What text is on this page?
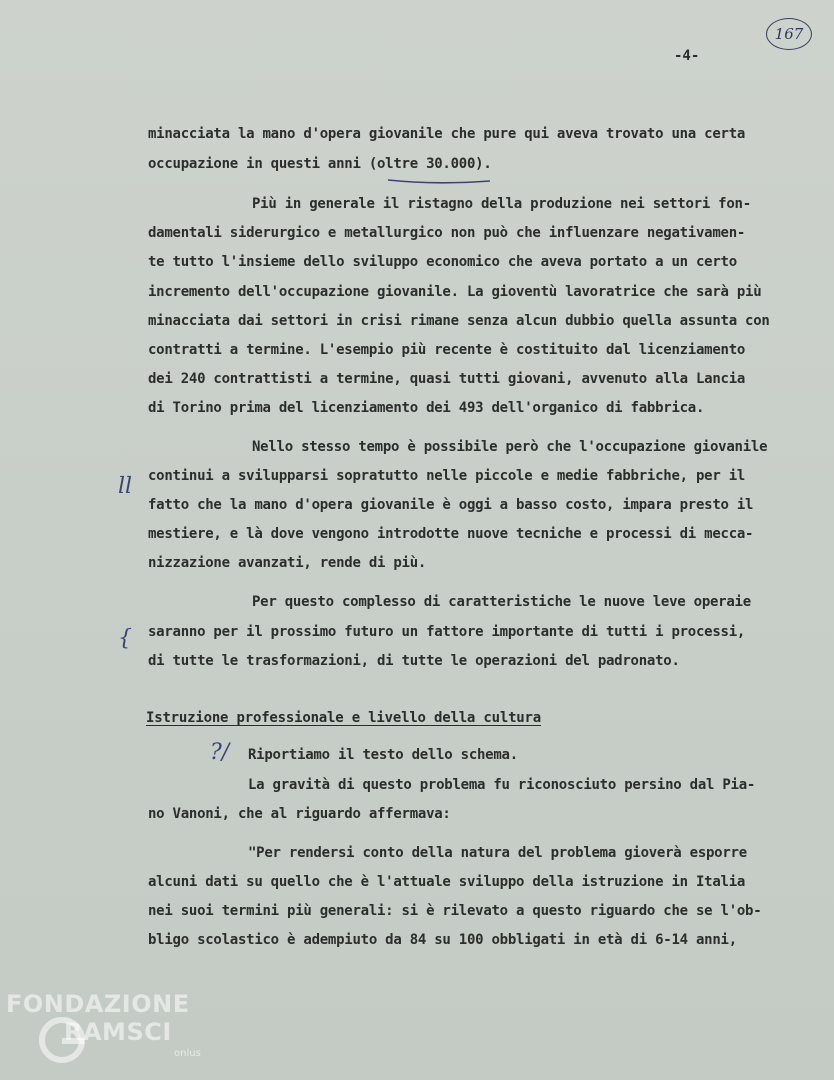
167
-4-
minacciata la mano d'opera giovanile che pure qui aveva trovato una certa
occupazione in questi anni (oltre 30.000).
Più in generale il ristagno della produzione nei settori fon-
damentali siderurgico e metallurgico non può che influenzare negativamen-
te tutto l'insieme dello sviluppo economico che aveva portato a un certo
incremento dell'occupazione giovanile. La gioventù lavoratrice che sarà più
minacciata dai settori in crisi rimane senza alcun dubbio quella assunta con
contratti a termine. L'esempio più recente è costituito dal licenziamento
dei 240 contrattisti a termine, quasi tutti giovani, avvenuto alla Lancia
di Torino prima del licenziamento dei 493 dell'organico di fabbrica.
Nello stesso tempo è possibile però che l'occupazione giovanile
continui a svilupparsi sopratutto nelle piccole e medie fabbriche, per il
fatto che la mano d'opera giovanile è oggi a basso costo, impara presto il
mestiere, e là dove vengono introdotte nuove tecniche e processi di mecca-
nizzazione avanzati, rende di più.
Per questo complesso di caratteristiche le nuove leve operaie
saranno per il prossimo futuro un fattore importante di tutti i processi,
di tutte le trasformazioni, di tutte le operazioni del padronato.
Istruzione professionale e livello della cultura
Riportiamo il testo dello schema.
La gravità di questo problema fu riconosciuto persino dal Pia-
no Vanoni, che al riguardo affermava:
"Per rendersi conto della natura del problema gioverà esporre
alcuni dati su quello che è l'attuale sviluppo della istruzione in Italia
nei suoi termini più generali: si è rilevato a questo riguardo che se l'ob-
bligo scolastico è adempiuto da 84 su 100 obbligati in età di 6-14 anni,
ll
{
?/
FONDAZIONE
RAMSCI
onlus
